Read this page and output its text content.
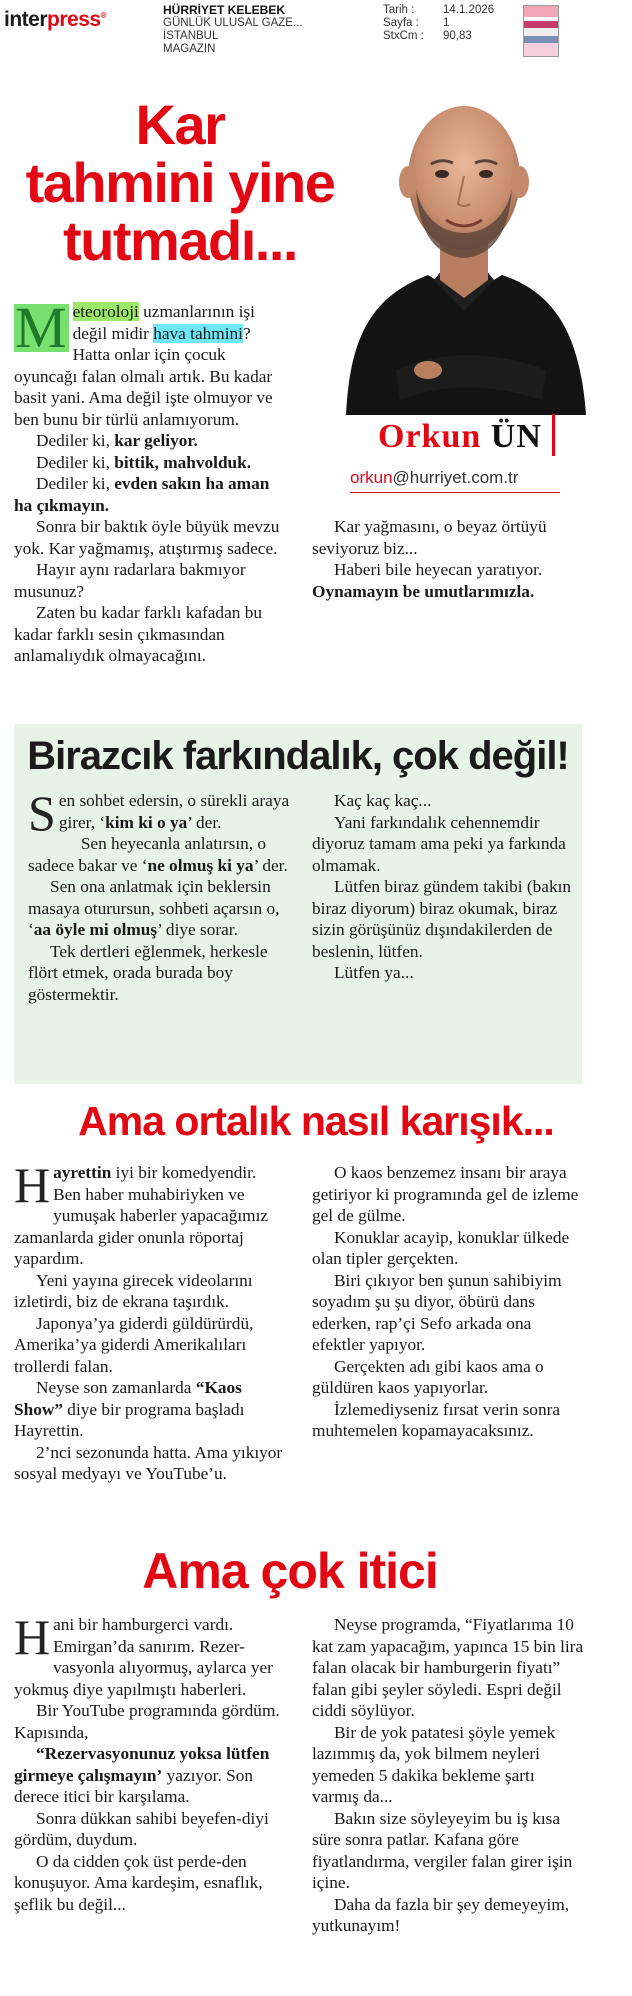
interpress®	HÜRRİYET KELEBEK
GÜNLÜK ULUSAL GAZE...
İSTANBUL
MAGAZIN
Tarih :	14.1.2026
Sayfa :	1
StxCm :	90,83
Kar
tahmini yine
tutmadı...
Orkun ÜN
orkun@hurriyet.com.tr

M eteoroloji uzmanlarının işi değil midir hava tahmini? Hatta onlar için çocuk oyuncağı falan olmalı artık. Bu kadar basit yani. Ama değil işte olmuyor ve ben bunu bir türlü anlamıyorum.

Dediler ki, kar geliyor.

Dediler ki, bittik, mahvolduk.

Dediler ki, evden sakın ha aman ha çıkmayın.

Sonra bir baktık öyle büyük mevzu yok. Kar yağmamış, atıştırmış sadece.

Hayır aynı radarlara bakmıyor musunuz?

Zaten bu kadar farklı kafadan bu kadar farklı sesin çıkmasından anlamalıydık olmayacağını.

Kar yağmasını, o beyaz örtüyü seviyoruz biz...

Haberi bile heyecan yaratıyor. Oynamayın be umutlarımızla.

Birazcık farkındalık, çok değil!

Sen sohbet edersin, o sürekli araya girer, ‘kim ki o ya’ der.

Sen heyecanla anlatırsın, o sadece bakar ve ‘ne olmuş ki ya’ der.

Sen ona anlatmak için beklersin masaya oturursun, sohbeti açarsın o, ‘aa öyle mi olmuş’ diye sorar.

Tek dertleri eğlenmek, herkesle flört etmek, orada burada boy göstermektir.

Kaç kaç kaç...

Yani farkındalık cehennemdir diyoruz tamam ama peki ya farkında olmamak.

Lütfen biraz gündem takibi (bakın biraz diyorum) biraz okumak, biraz sizin görüşünüz dışındakilerden de beslenin, lütfen.

Lütfen ya...

Ama ortalık nasıl karışık...

Hayrettin iyi bir komedyendir. Ben haber muhabiriyken ve yumuşak haberler yapacağımız zamanlarda gider onunla röportaj yapardım.

Yeni yayına girecek videolarını izletirdi, biz de ekrana taşırdık.

Japonya’ya giderdi güldürürdü, Amerika’ya giderdi Amerikalıları trollerdi falan.

Neyse son zamanlarda “Kaos Show” diye bir programa başladı Hayrettin.

2’nci sezonunda hatta. Ama yıkıyor sosyal medyayı ve YouTube’u.

O kaos benzemez insanı bir araya getiriyor ki programında gel de izleme gel de gülme.

Konuklar acayip, konuklar ülkede olan tipler gerçekten.

Biri çıkıyor ben şunun sahibiyim soyadım şu şu diyor, öbürü dans ederken, rap’çi Sefo arkada ona efektler yapıyor.

Gerçekten adı gibi kaos ama o güldüren kaos yapıyorlar.

İzlemediyseniz fırsat verin sonra muhtemelen kopamayacaksınız.

Ama çok itici

Hani bir hamburgerci vardı. Emirgan’da sanırım. Rezer-vasyonla alıyormuş, aylarca yer yokmuş diye yapılmıştı haberleri.

Bir YouTube programında gördüm. Kapısında,

“Rezervasyonunuz yoksa lütfen girmeye çalışmayın’ yazıyor. Son derece itici bir karşılama.

Sonra dükkan sahibi beyefen-diyi gördüm, duydum.

O da cidden çok üst perde-den konuşuyor. Ama kardeşim, esnaflık, şeflik bu değil...

Neyse programda, “Fiyatlarıma 10 kat zam yapacağım, yapınca 15 bin lira falan olacak bir hamburgerin fiyatı” falan gibi şeyler söyledi. Espri değil ciddi söylüyor.

Bir de yok patatesi şöyle yemek lazımmış da, yok bilmem neyleri yemeden 5 dakika bekleme şartı varmış da...

Bakın size söyleyeyim bu iş kısa süre sonra patlar. Kafana göre fiyatlandırma, vergiler falan girer işin içine.

Daha da fazla bir şey demeyeyim, yutkunayım!
